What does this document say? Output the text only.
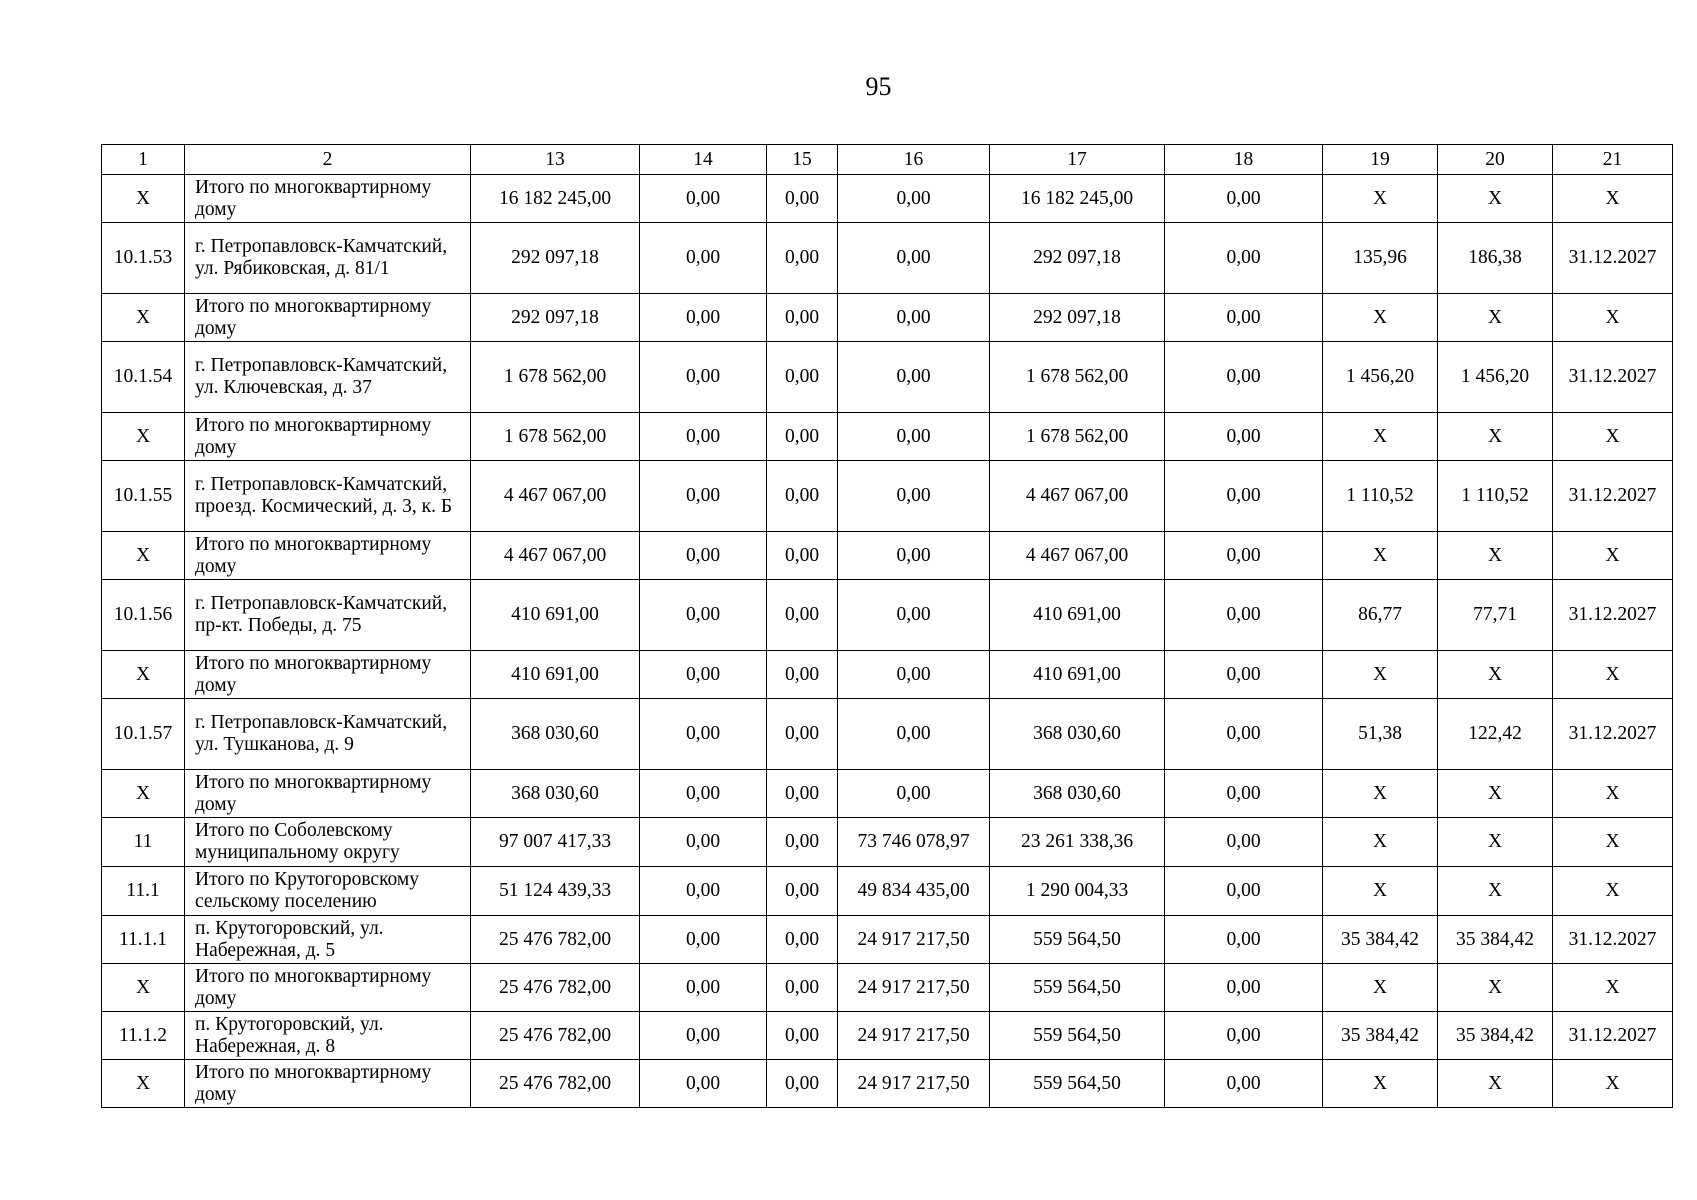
95
1	2	13	14	15	16	17	18	19	20	21
X	Итого по многоквартирному дому	16 182 245,00	0,00	0,00	0,00	16 182 245,00	0,00	X	X	X
10.1.53	г. Петропавловск-Камчатский, ул. Рябиковская, д. 81/1	292 097,18	0,00	0,00	0,00	292 097,18	0,00	135,96	186,38	31.12.2027
X	Итого по многоквартирному дому	292 097,18	0,00	0,00	0,00	292 097,18	0,00	X	X	X
10.1.54	г. Петропавловск-Камчатский, ул. Ключевская, д. 37	1 678 562,00	0,00	0,00	0,00	1 678 562,00	0,00	1 456,20	1 456,20	31.12.2027
X	Итого по многоквартирному дому	1 678 562,00	0,00	0,00	0,00	1 678 562,00	0,00	X	X	X
10.1.55	г. Петропавловск-Камчатский, проезд. Космический, д. 3, к. Б	4 467 067,00	0,00	0,00	0,00	4 467 067,00	0,00	1 110,52	1 110,52	31.12.2027
X	Итого по многоквартирному дому	4 467 067,00	0,00	0,00	0,00	4 467 067,00	0,00	X	X	X
10.1.56	г. Петропавловск-Камчатский, пр-кт. Победы, д. 75	410 691,00	0,00	0,00	0,00	410 691,00	0,00	86,77	77,71	31.12.2027
X	Итого по многоквартирному дому	410 691,00	0,00	0,00	0,00	410 691,00	0,00	X	X	X
10.1.57	г. Петропавловск-Камчатский, ул. Тушканова, д. 9	368 030,60	0,00	0,00	0,00	368 030,60	0,00	51,38	122,42	31.12.2027
X	Итого по многоквартирному дому	368 030,60	0,00	0,00	0,00	368 030,60	0,00	X	X	X
11	Итого по Соболевскому муниципальному округу	97 007 417,33	0,00	0,00	73 746 078,97	23 261 338,36	0,00	X	X	X
11.1	Итого по Крутогоровскому сельскому поселению	51 124 439,33	0,00	0,00	49 834 435,00	1 290 004,33	0,00	X	X	X
11.1.1	п. Крутогоровский, ул. Набережная, д. 5	25 476 782,00	0,00	0,00	24 917 217,50	559 564,50	0,00	35 384,42	35 384,42	31.12.2027
X	Итого по многоквартирному дому	25 476 782,00	0,00	0,00	24 917 217,50	559 564,50	0,00	X	X	X
11.1.2	п. Крутогоровский, ул. Набережная, д. 8	25 476 782,00	0,00	0,00	24 917 217,50	559 564,50	0,00	35 384,42	35 384,42	31.12.2027
X	Итого по многоквартирному дому	25 476 782,00	0,00	0,00	24 917 217,50	559 564,50	0,00	X	X	X
